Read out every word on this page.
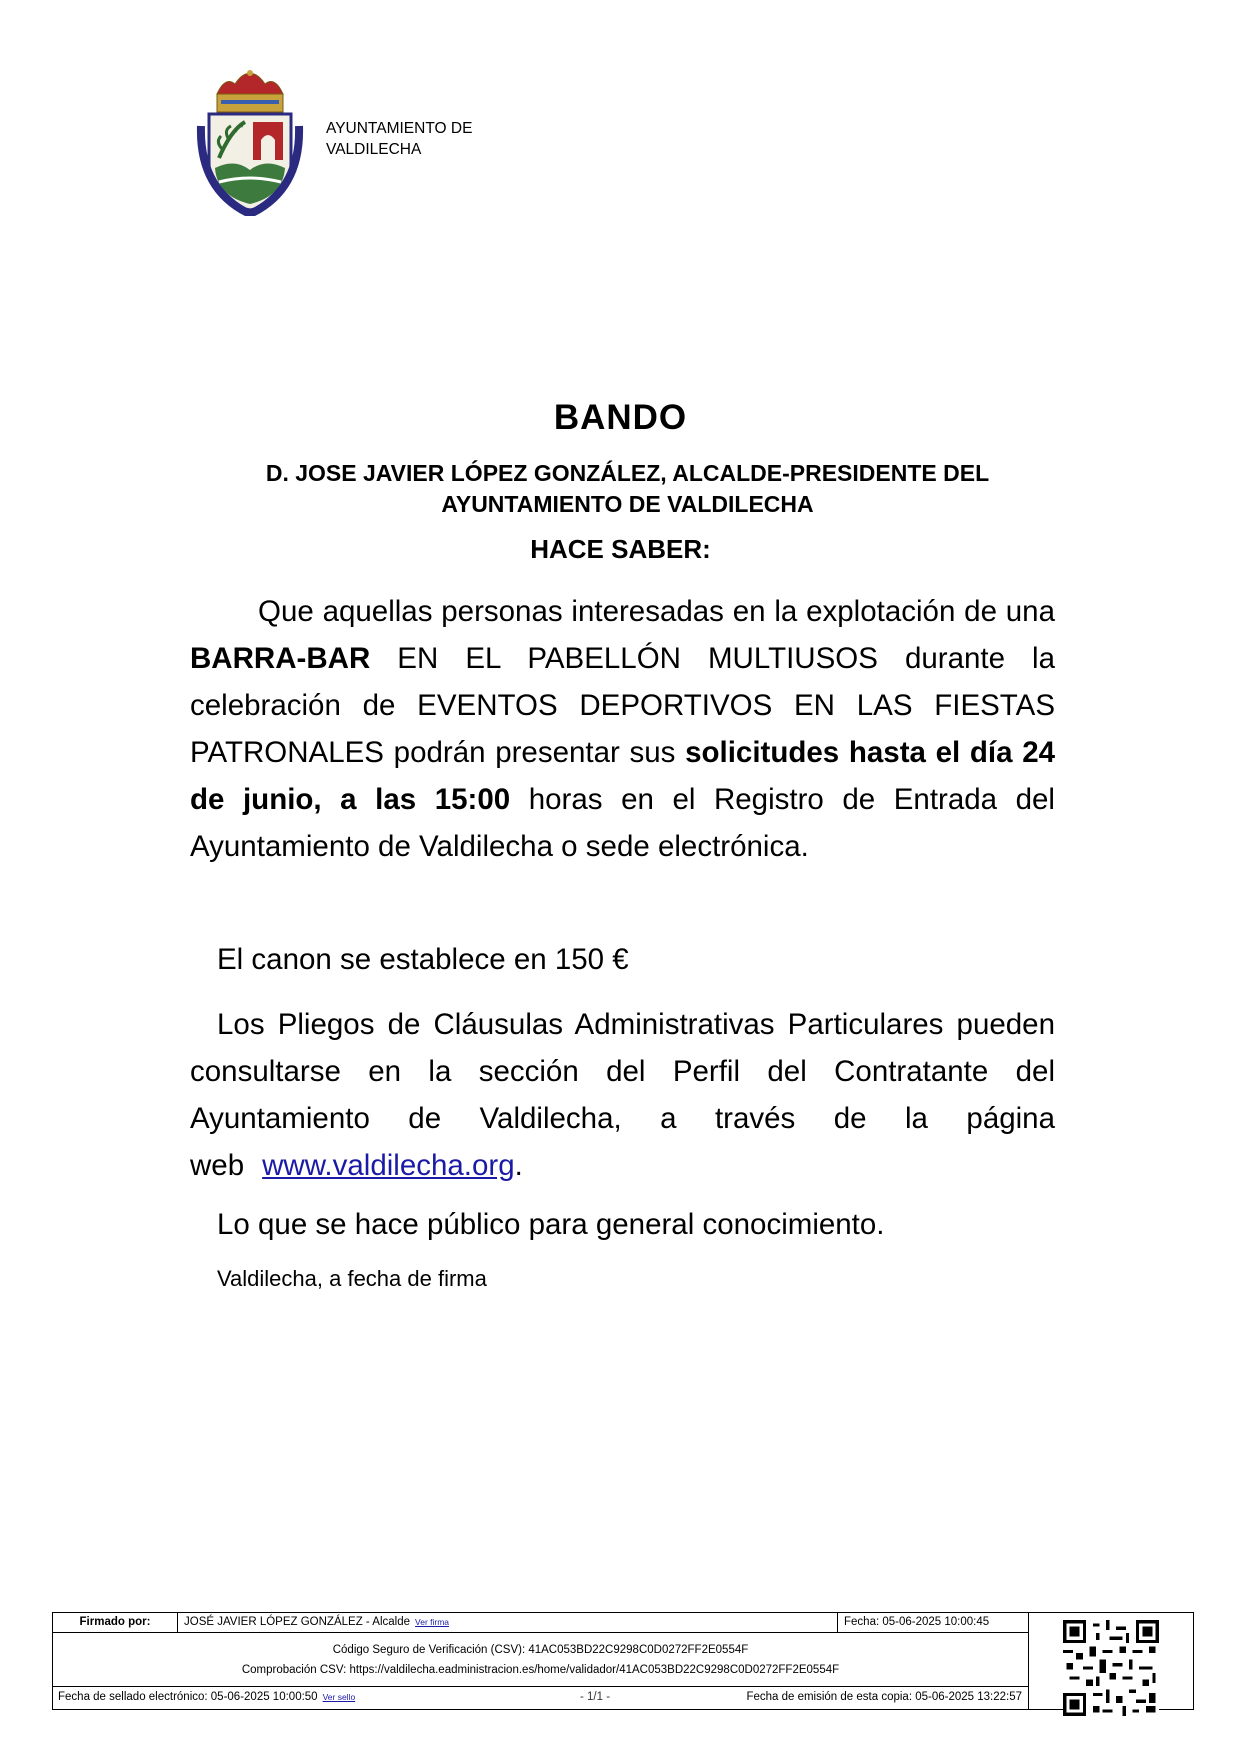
AYUNTAMIENTO DE
VALDILECHA
BANDO
D. JOSE JAVIER LÓPEZ GONZÁLEZ, ALCALDE-PRESIDENTE DEL
AYUNTAMIENTO DE VALDILECHA
HACE SABER:
Que aquellas personas interesadas en la explotación de una BARRA-BAR EN EL PABELLÓN MULTIUSOS durante la celebración de EVENTOS DEPORTIVOS EN LAS FIESTAS PATRONALES podrán presentar sus solicitudes hasta el día 24 de junio, a las 15:00 horas en el Registro de Entrada del Ayuntamiento de Valdilecha o sede electrónica.
El canon se establece en 150 €
Los Pliegos de Cláusulas Administrativas Particulares pueden consultarse en la sección del Perfil del Contratante del Ayuntamiento de Valdilecha, a través de la página web www.valdilecha.org.
Lo que se hace público para general conocimiento.
Valdilecha, a fecha de firma
Firmado por:	JOSÉ JAVIER LÓPEZ GONZÁLEZ - Alcalde Ver firma	Fecha: 05-06-2025 10:00:45
Código Seguro de Verificación (CSV): 41AC053BD22C9298C0D0272FF2E0554F
Comprobación CSV: https://valdilecha.eadministracion.es/home/validador/41AC053BD22C9298C0D0272FF2E0554F
Fecha de sellado electrónico: 05-06-2025 10:00:50 Ver sello	- 1/1 -	Fecha de emisión de esta copia: 05-06-2025 13:22:57
